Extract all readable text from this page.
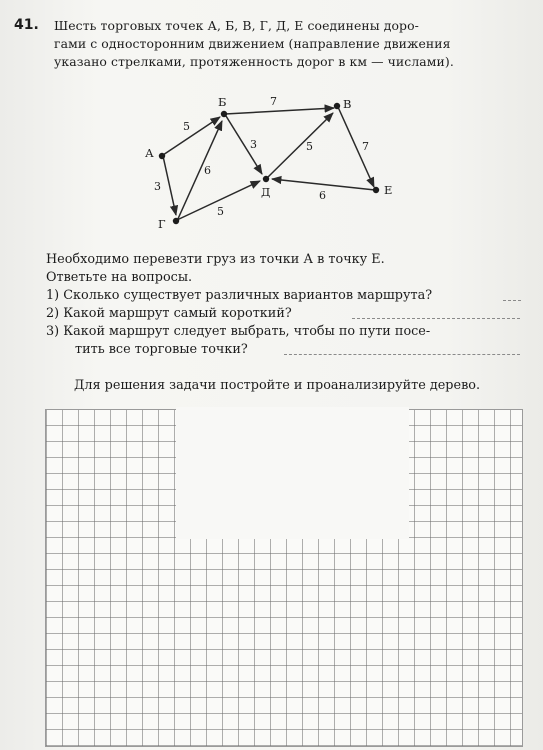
41. Шесть торговых точек А, Б, В, Г, Д, Е соединены доро-
гами с односторонним движением (направление движения
указано стрелками, протяженность дорог в км — числами).
А
Б	В
Г
Д	Е
5
7
3
6
3	5	7
5
6
Необходимо перевезти груз из точки А в точку Е.
Ответьте на вопросы.
1) Сколько существует различных вариантов маршрута?
2) Какой маршрут самый короткий?
3) Какой маршрут следует выбрать, чтобы по пути посе-
тить все торговые точки?
Для решения задачи постройте и проанализируйте дерево.
